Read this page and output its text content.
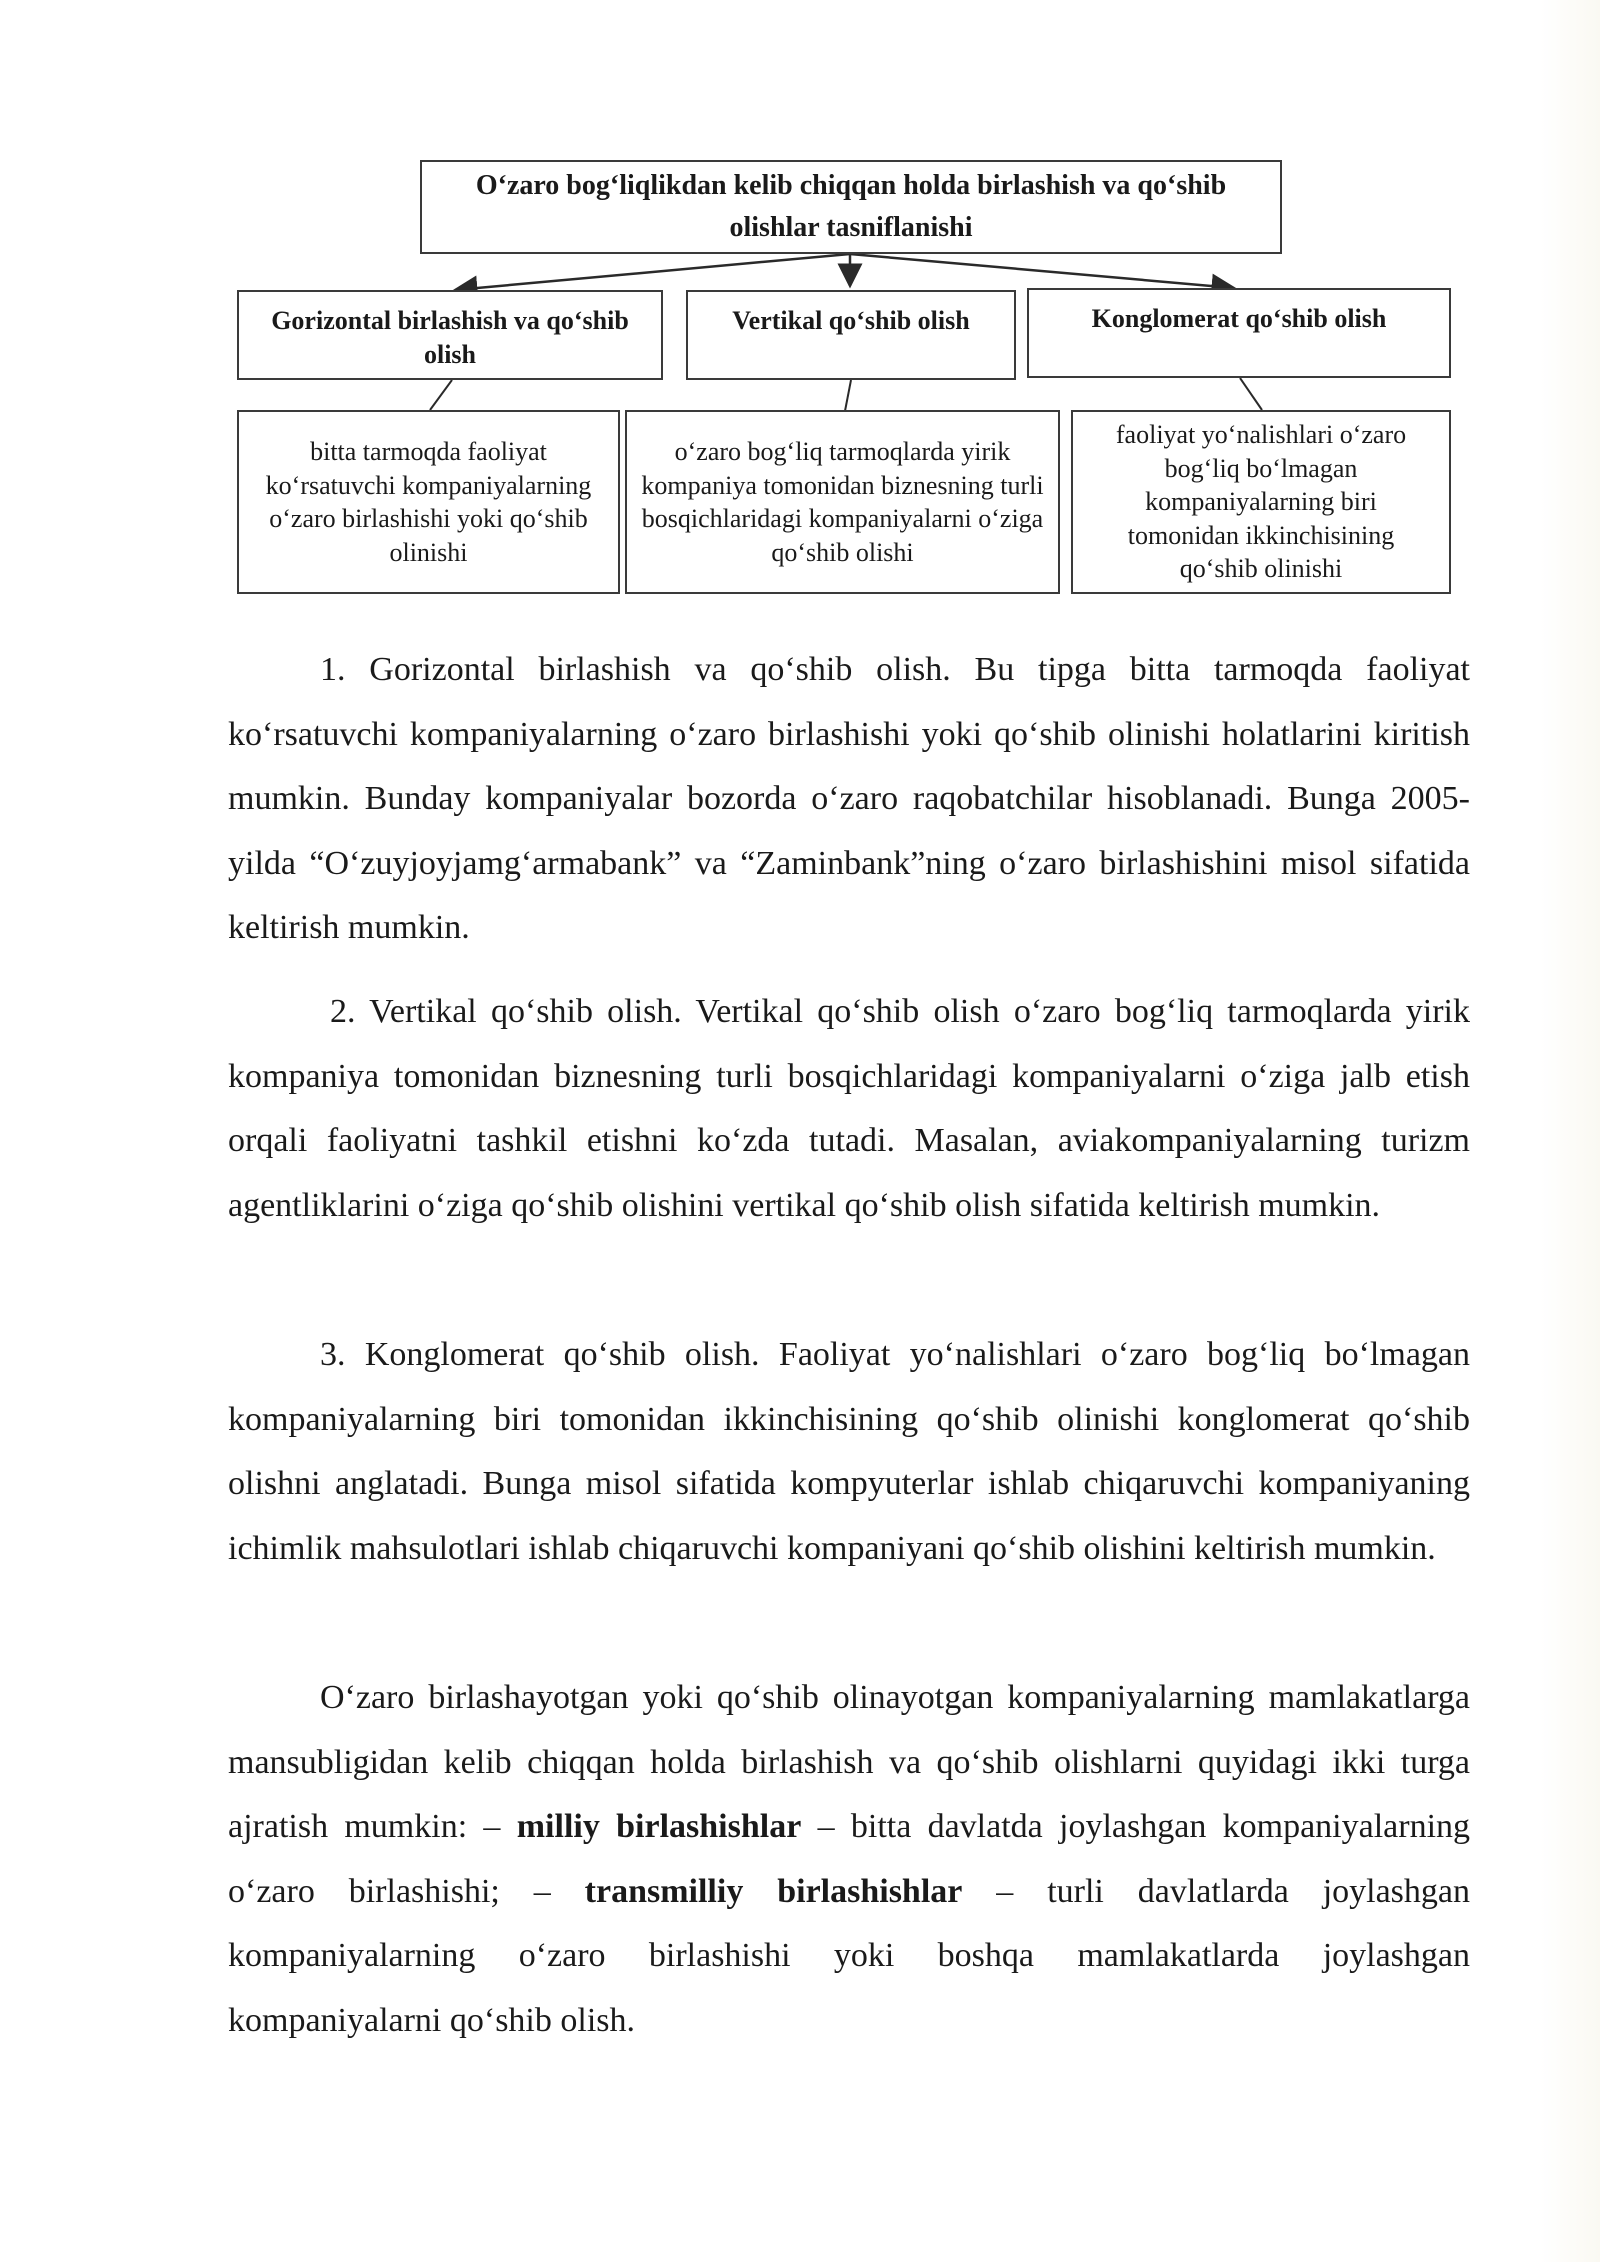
O‘zaro bog‘liqlikdan kelib chiqqan holda birlashish va qo‘shib olishlar tasniflanishi
Gorizontal birlashish va qo‘shib olish
Vertikal qo‘shib olish	Konglomerat qo‘shib olish
bitta tarmoqda faoliyat ko‘rsatuvchi kompaniyalarning o‘zaro birlashishi yoki qo‘shib olinishi
o‘zaro bog‘liq tarmoqlarda yirik kompaniya tomonidan biznesning turli bosqichlaridagi kompaniyalarni o‘ziga qo‘shib olishi
faoliyat yo‘nalishlari o‘zaro bog‘liq bo‘lmagan kompaniyalarning biri tomonidan ikkinchisining qo‘shib olinishi

1. Gorizontal birlashish va qo‘shib olish. Bu tipga bitta tarmoqda faoliyat ko‘rsatuvchi kompaniyalarning o‘zaro birlashishi yoki qo‘shib olinishi holatlarini kiritish mumkin. Bunday kompaniyalar bozorda o‘zaro raqobatchilar hisoblanadi. Bunga 2005-yilda “O‘zuyjoyjamg‘armabank” va “Zaminbank”ning o‘zaro birlashishini misol sifatida keltirish mumkin.

2. Vertikal qo‘shib olish. Vertikal qo‘shib olish o‘zaro bog‘liq tarmoqlarda yirik kompaniya tomonidan biznesning turli bosqichlaridagi kompaniyalarni o‘ziga jalb etish orqali faoliyatni tashkil etishni ko‘zda tutadi. Masalan, aviakompaniyalarning turizm agentliklarini o‘ziga qo‘shib olishini vertikal qo‘shib olish sifatida keltirish mumkin.

3. Konglomerat qo‘shib olish. Faoliyat yo‘nalishlari o‘zaro bog‘liq bo‘lmagan kompaniyalarning biri tomonidan ikkinchisining qo‘shib olinishi konglomerat qo‘shib olishni anglatadi. Bunga misol sifatida kompyuterlar ishlab chiqaruvchi kompaniyaning ichimlik mahsulotlari ishlab chiqaruvchi kompaniyani qo‘shib olishini keltirish mumkin.

O‘zaro birlashayotgan yoki qo‘shib olinayotgan kompaniyalarning mamlakatlarga mansubligidan kelib chiqqan holda birlashish va qo‘shib olishlarni quyidagi ikki turga ajratish mumkin: – milliy birlashishlar – bitta davlatda joylashgan kompaniyalarning o‘zaro birlashishi; – transmilliy birlashishlar – turli davlatlarda joylashgan kompaniyalarning o‘zaro birlashishi yoki boshqa mamlakatlarda joylashgan kompaniyalarni qo‘shib olish.
